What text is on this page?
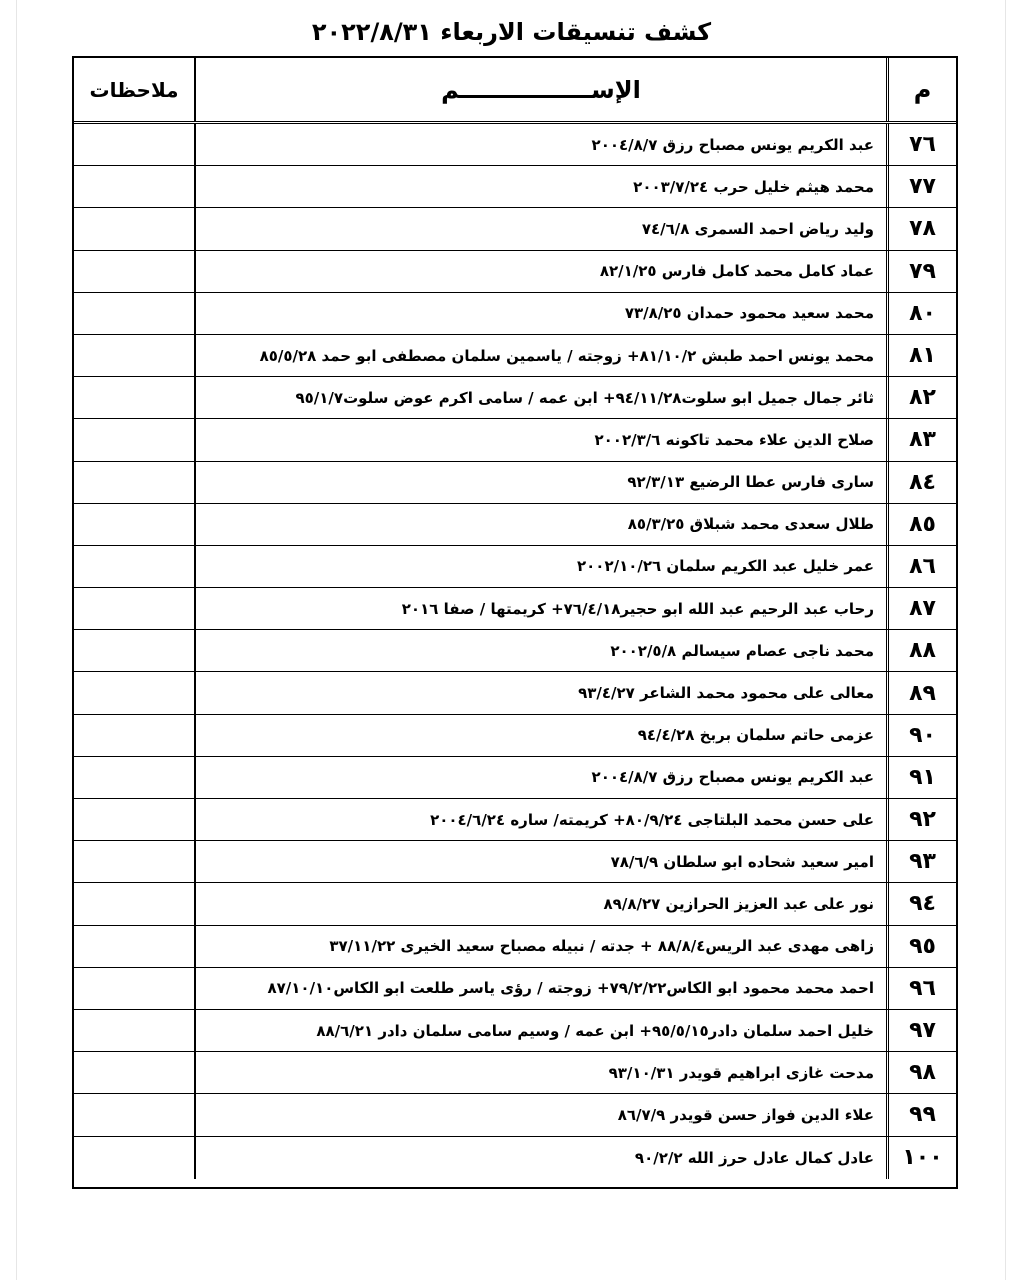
كشف تنسيقات الاربعاء ٢٠٢٢/٨/٣١
م
الإســــــــــــــــم
ملاحظات
٧٦
عبد الكريم يونس مصباح رزق ٢٠٠٤/٨/٧
٧٧
محمد هيثم خليل حرب ٢٠٠٣/٧/٢٤
٧٨
وليد رياض احمد السمرى ٧٤/٦/٨
٧٩
عماد كامل محمد كامل فارس ٨٢/١/٢٥
٨٠
محمد سعيد محمود حمدان ٧٣/٨/٢٥
٨١
محمد يونس احمد طبش ٨١/١٠/٢+ زوجته / ياسمين سلمان مصطفى ابو حمد ٨٥/٥/٢٨
٨٢
ثائر جمال جميل ابو سلوت٩٤/١١/٢٨+ ابن عمه / سامى اكرم عوض سلوت٩٥/١/٧
٨٣
صلاح الدين علاء محمد تاكونه ٢٠٠٢/٣/٦
٨٤
سارى فارس عطا الرضيع ٩٢/٣/١٣
٨٥
طلال سعدى محمد شبلاق ٨٥/٣/٢٥
٨٦
عمر خليل عبد الكريم سلمان ٢٠٠٢/١٠/٢٦
٨٧
رحاب عبد الرحيم عبد الله ابو حجير٧٦/٤/١٨+ كريمتها / صفا ٢٠١٦
٨٨
محمد ناجى عصام سيسالم ٢٠٠٢/٥/٨
٨٩
معالى على محمود محمد الشاعر ٩٣/٤/٢٧
٩٠
عزمى حاتم سلمان بربخ ٩٤/٤/٢٨
٩١
عبد الكريم يونس مصباح رزق ٢٠٠٤/٨/٧
٩٢
على حسن محمد البلتاجى ٨٠/٩/٢٤+ كريمته/ ساره ٢٠٠٤/٦/٢٤
٩٣
امير سعيد شحاده ابو سلطان ٧٨/٦/٩
٩٤
نور على عبد العزيز الحرازين ٨٩/٨/٢٧
٩٥
زاهى مهدى عبد الريس٨٨/٨/٤ + جدته / نبيله مصباح سعيد الخيرى ٣٧/١١/٢٢
٩٦
احمد محمد محمود ابو الكاس٧٩/٢/٢٢+ زوجته / رؤى ياسر طلعت ابو الكاس٨٧/١٠/١٠
٩٧
خليل احمد سلمان دادر٩٥/٥/١٥+ ابن عمه / وسيم سامى سلمان دادر ٨٨/٦/٢١
٩٨
مدحت غازى ابراهيم قويدر ٩٣/١٠/٣١
٩٩
علاء الدين فواز حسن قويدر ٨٦/٧/٩
١٠٠
عادل كمال عادل حرز الله ٩٠/٢/٢
